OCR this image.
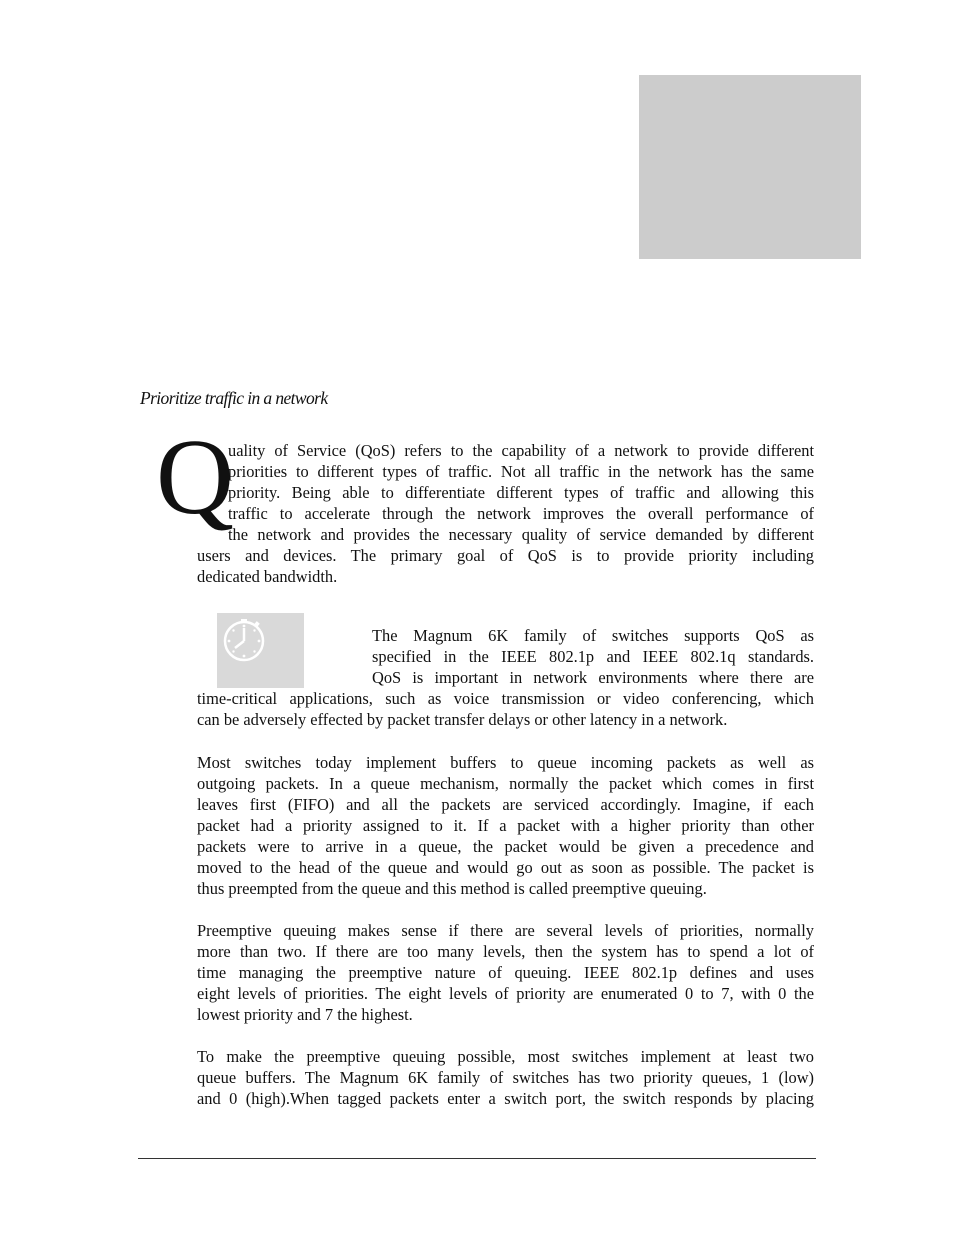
Prioritize traffic in a network
Q
uality of Service (QoS) refers to the capability of a network to provide different
priorities to different types of traffic. Not all traffic in the network has the same
priority. Being able to differentiate different types of traffic and allowing this
traffic to accelerate through the network improves the overall performance of
the network and provides the necessary quality of service demanded by different
users and devices. The primary goal of QoS is to provide priority including
dedicated bandwidth.
The Magnum 6K family of switches supports QoS as
specified in the IEEE 802.1p and IEEE 802.1q standards.
QoS is important in network environments where there are
time-critical applications, such as voice transmission or video conferencing, which
can be adversely effected by packet transfer delays or other latency in a network.
Most switches today implement buffers to queue incoming packets as well as
outgoing packets. In a queue mechanism, normally the packet which comes in first
leaves first (FIFO) and all the packets are serviced accordingly. Imagine, if each
packet had a priority assigned to it. If a packet with a higher priority than other
packets were to arrive in a queue, the packet would be given a precedence and
moved to the head of the queue and would go out as soon as possible. The packet is
thus preempted from the queue and this method is called preemptive queuing.
Preemptive queuing makes sense if there are several levels of priorities, normally
more than two. If there are too many levels, then the system has to spend a lot of
time managing the preemptive nature of queuing. IEEE 802.1p defines and uses
eight levels of priorities. The eight levels of priority are enumerated 0 to 7, with 0 the
lowest priority and 7 the highest.
To make the preemptive queuing possible, most switches implement at least two
queue buffers. The Magnum 6K family of switches has two priority queues, 1 (low)
and 0 (high).When tagged packets enter a switch port, the switch responds by placing
